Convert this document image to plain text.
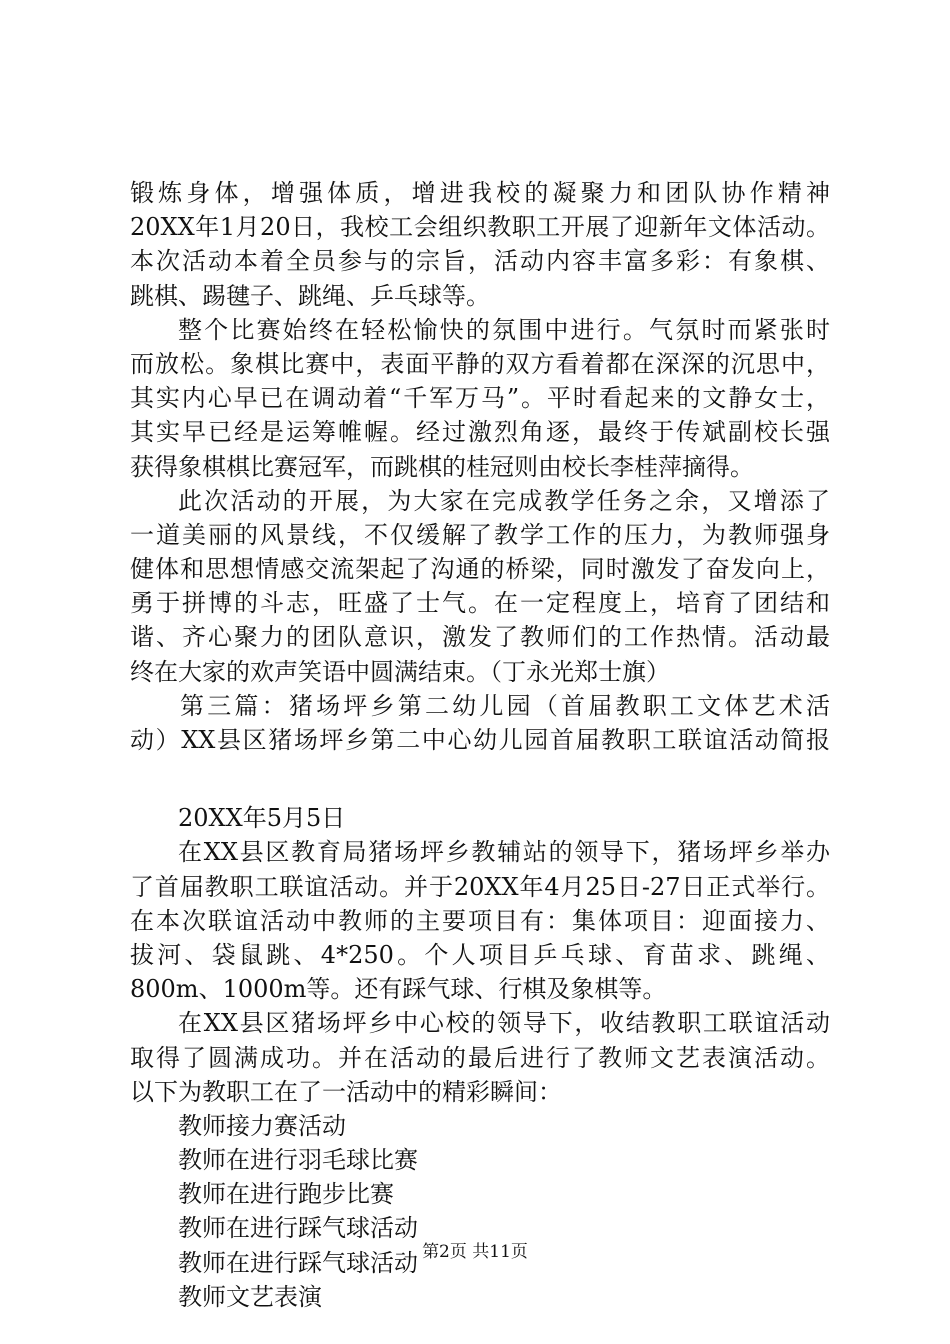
锻炼身体，增强体质，增进我校的凝聚力和团队协作精神
20XX年1月20日，我校工会组织教职工开展了迎新年文体活动。
本次活动本着全员参与的宗旨，活动内容丰富多彩：有象棋、
跳棋、踢毽子、跳绳、乒乓球等。
整个比赛始终在轻松愉快的氛围中进行。气氛时而紧张时
而放松。象棋比赛中，表面平静的双方看着都在深深的沉思中，
其实内心早已在调动着“千军万马”。平时看起来的文静女士，
其实早已经是运筹帷幄。经过激烈角逐，最终于传斌副校长强
获得象棋棋比赛冠军，而跳棋的桂冠则由校长李桂萍摘得。
此次活动的开展，为大家在完成教学任务之余，又增添了
一道美丽的风景线，不仅缓解了教学工作的压力，为教师强身
健体和思想情感交流架起了沟通的桥梁，同时激发了奋发向上，
勇于拼博的斗志，旺盛了士气。在一定程度上，培育了团结和
谐、齐心聚力的团队意识，激发了教师们的工作热情。活动最
终在大家的欢声笑语中圆满结束。（丁永光郑士旗）
第三篇：猪场坪乡第二幼儿园（首届教职工文体艺术活
动）XX县区猪场坪乡第二中心幼儿园首届教职工联谊活动简报
20XX年5月5日
在XX县区教育局猪场坪乡教辅站的领导下，猪场坪乡举办
了首届教职工联谊活动。并于20XX年4月25日-27日正式举行。
在本次联谊活动中教师的主要项目有：集体项目：迎面接力、
拔河、袋鼠跳、4*250。个人项目乒乓球、育苗求、跳绳、
800m、1000m等。还有踩气球、行棋及象棋等。
在XX县区猪场坪乡中心校的领导下，收结教职工联谊活动
取得了圆满成功。并在活动的最后进行了教师文艺表演活动。
以下为教职工在了一活动中的精彩瞬间：
教师接力赛活动
教师在进行羽毛球比赛
教师在进行跑步比赛
教师在进行踩气球活动
教师在进行踩气球活动
教师文艺表演
第2页 共11页
